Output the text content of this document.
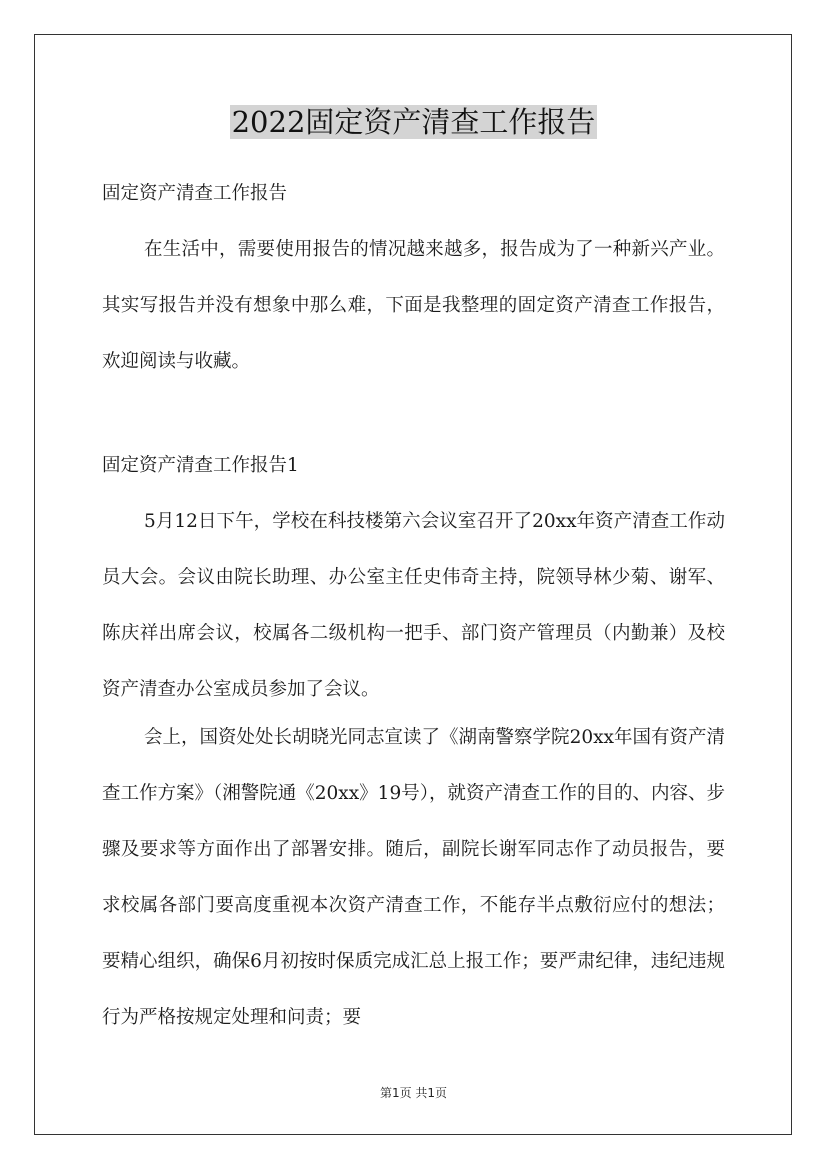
2022固定资产清查工作报告

固定资产清查工作报告

在生活中，需要使用报告的情况越来越多，报告成为了一种新兴产业。其实写报告并没有想象中那么难，下面是我整理的固定资产清查工作报告，欢迎阅读与收藏。

固定资产清查工作报告1

5月12日下午，学校在科技楼第六会议室召开了20xx年资产清查工作动员大会。会议由院长助理、办公室主任史伟奇主持，院领导林少菊、谢军、陈庆祥出席会议，校属各二级机构一把手、部门资产管理员（内勤兼）及校资产清查办公室成员参加了会议。

会上，国资处处长胡晓光同志宣读了《湖南警察学院20xx年国有资产清查工作方案》（湘警院通《20xx》19号），就资产清查工作的目的、内容、步骤及要求等方面作出了部署安排。随后，副院长谢军同志作了动员报告，要求校属各部门要高度重视本次资产清查工作，不能存半点敷衍应付的想法；要精心组织，确保6月初按时保质完成汇总上报工作；要严肃纪律，违纪违规行为严格按规定处理和问责；要

第1页 共1页
